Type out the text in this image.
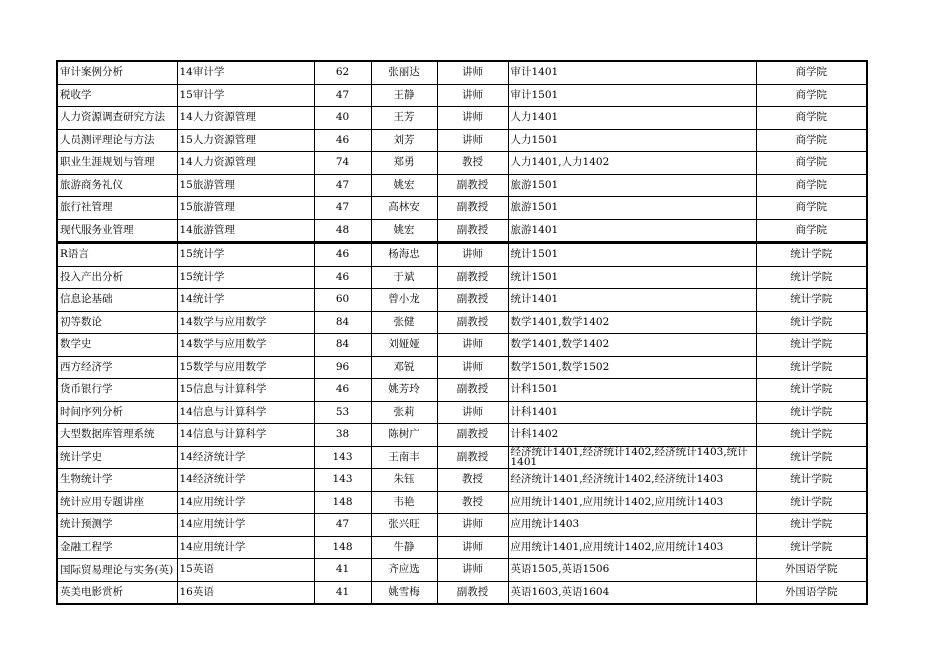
审计案例分析	14审计学	62	张丽达	讲师	审计1401	商学院
税收学	15审计学	47	王静	讲师	审计1501	商学院
人力资源调查研究方法	14人力资源管理	40	王芳	讲师	人力1401	商学院
人员测评理论与方法	15人力资源管理	46	刘芳	讲师	人力1501	商学院
职业生涯规划与管理	14人力资源管理	74	郑勇	教授	人力1401,人力1402	商学院
旅游商务礼仪	15旅游管理	47	姚宏	副教授	旅游1501	商学院
旅行社管理	15旅游管理	47	高林安	副教授	旅游1501	商学院
现代服务业管理	14旅游管理	48	姚宏	副教授	旅游1401	商学院
R语言	15统计学	46	杨海忠	讲师	统计1501	统计学院
投入产出分析	15统计学	46	于斌	副教授	统计1501	统计学院
信息论基础	14统计学	60	曾小龙	副教授	统计1401	统计学院
初等数论	14数学与应用数学	84	张健	副教授	数学1401,数学1402	统计学院
数学史	14数学与应用数学	84	刘娅娅	讲师	数学1401,数学1402	统计学院
西方经济学	15数学与应用数学	96	邓锐	讲师	数学1501,数学1502	统计学院
货币银行学	15信息与计算科学	46	姚芳玲	副教授	计科1501	统计学院
时间序列分析	14信息与计算科学	53	张莉	讲师	计科1401	统计学院
大型数据库管理系统	14信息与计算科学	38	陈树广	副教授	计科1402	统计学院
统计学史	14经济统计学	143	王南丰	副教授	经济统计1401,经济统计1402,经济统计1403,统计1401	统计学院
生物统计学	14经济统计学	143	朱钰	教授	经济统计1401,经济统计1402,经济统计1403	统计学院
统计应用专题讲座	14应用统计学	148	韦艳	教授	应用统计1401,应用统计1402,应用统计1403	统计学院
统计预测学	14应用统计学	47	张兴旺	讲师	应用统计1403	统计学院
金融工程学	14应用统计学	148	牛静	讲师	应用统计1401,应用统计1402,应用统计1403	统计学院
国际贸易理论与实务(英)	15英语	41	齐应选	讲师	英语1505,英语1506	外国语学院
英美电影赏析	16英语	41	姚雪梅	副教授	英语1603,英语1604	外国语学院
